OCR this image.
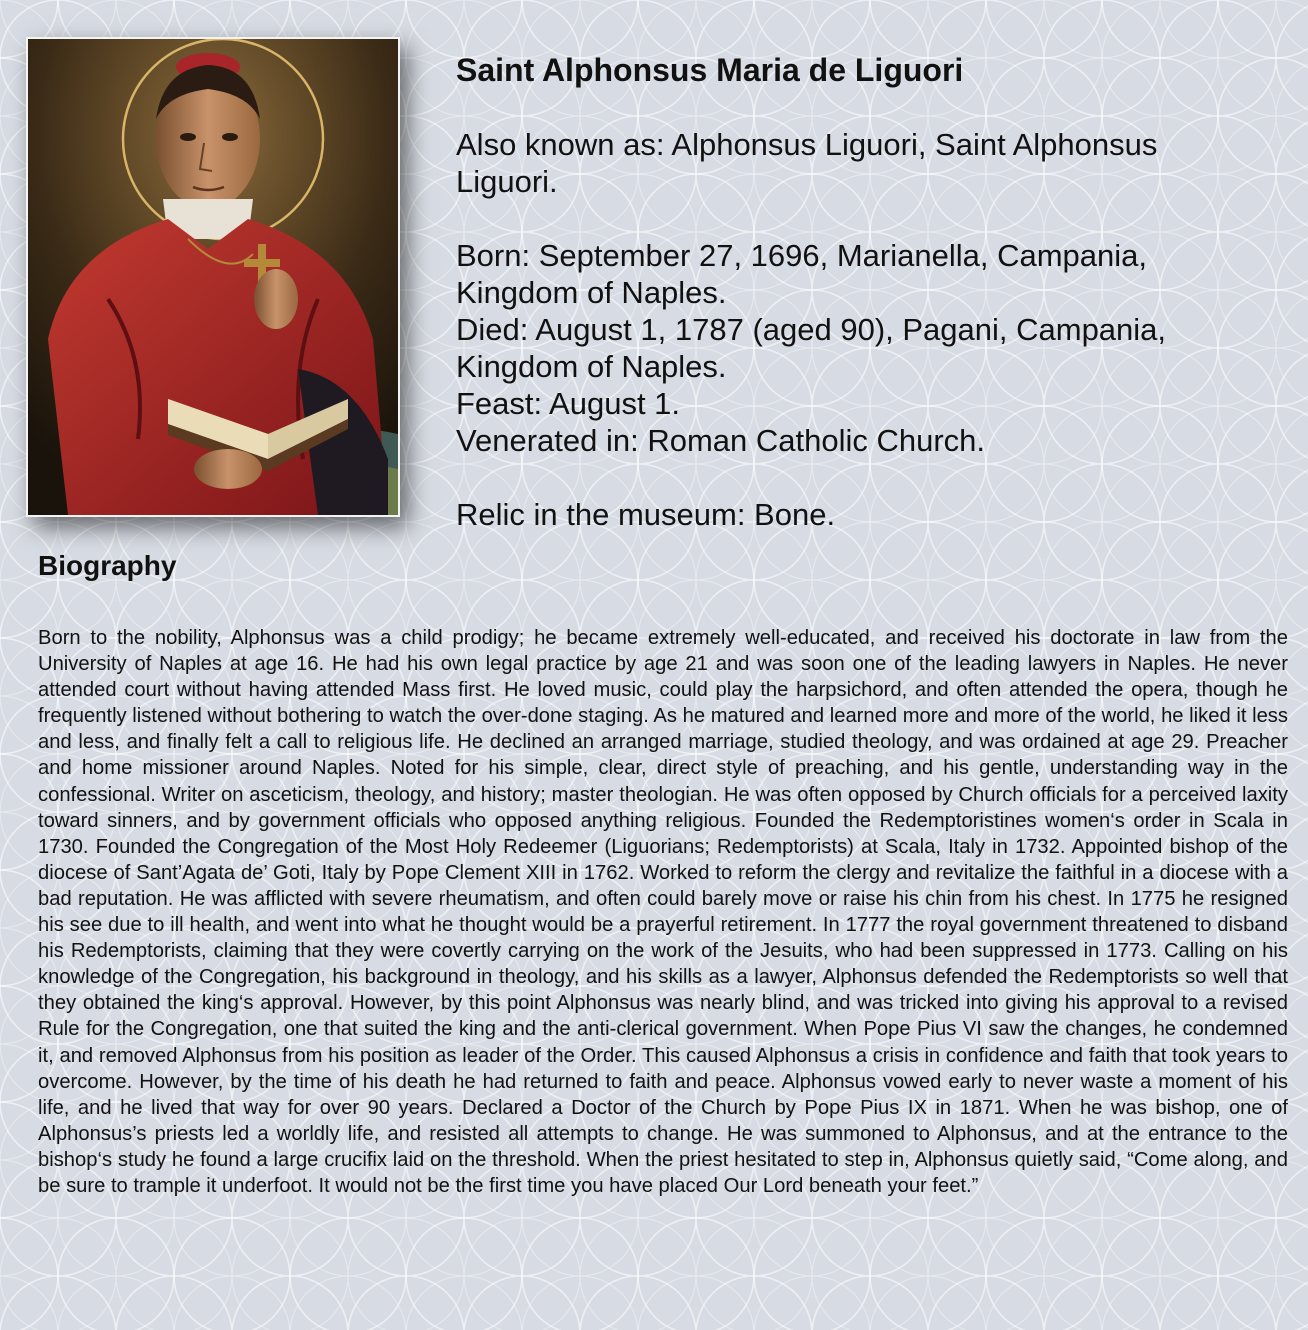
Saint Alphonsus Maria de Liguori

Also known as: Alphonsus Liguori, Saint Alphonsus Liguori.

Born: September 27, 1696, Marianella, Campania, Kingdom of Naples.

Died: August 1, 1787 (aged 90), Pagani, Campania, Kingdom of Naples.

Feast: August 1.

Venerated in: Roman Catholic Church.

Relic in the museum: Bone.

Biography

Born to the nobility, Alphonsus was a child prodigy; he became extremely well-educated, and received his doctorate in law from the University of Naples at age 16. He had his own legal practice by age 21 and was soon one of the leading lawyers in Naples. He never attended court without having attended Mass first. He loved music, could play the harpsichord, and often attended the opera, though he frequently listened without bothering to watch the over-done staging. As he matured and learned more and more of the world, he liked it less and less, and finally felt a call to religious life. He declined an arranged marriage, studied theology, and was ordained at age 29. Preacher and home missioner around Naples. Noted for his simple, clear, direct style of preaching, and his gentle, understanding way in the confessional. Writer on asceticism, theology, and history; master theologian. He was often opposed by Church officials for a perceived laxity toward sinners, and by government officials who opposed anything religious. Founded the Redemptoristines women‘s order in Scala in 1730. Founded the Congregation of the Most Holy Redeemer (Liguorians; Redemptorists) at Scala, Italy in 1732. Appointed bishop of the diocese of Sant’Agata de’ Goti, Italy by Pope Clement XIII in 1762. Worked to reform the clergy and revitalize the faithful in a diocese with a bad reputation. He was afflicted with severe rheumatism, and often could barely move or raise his chin from his chest. In 1775 he resigned his see due to ill health, and went into what he thought would be a prayerful retirement. In 1777 the royal government threatened to disband his Redemptorists, claiming that they were covertly carrying on the work of the Jesuits, who had been suppressed in 1773. Calling on his knowledge of the Congregation, his background in theology, and his skills as a lawyer, Alphonsus defended the Redemptorists so well that they obtained the king‘s approval. However, by this point Alphonsus was nearly blind, and was tricked into giving his approval to a revised Rule for the Congregation, one that suited the king and the anti-clerical government. When Pope Pius VI saw the changes, he condemned it, and removed Alphonsus from his position as leader of the Order. This caused Alphonsus a crisis in confidence and faith that took years to overcome. However, by the time of his death he had returned to faith and peace. Alphonsus vowed early to never waste a moment of his life, and he lived that way for over 90 years. Declared a Doctor of the Church by Pope Pius IX in 1871. When he was bishop, one of Alphonsus’s priests led a worldly life, and resisted all attempts to change. He was summoned to Alphonsus, and at the entrance to the bishop‘s study he found a large crucifix laid on the threshold. When the priest hesitated to step in, Alphonsus quietly said, “Come along, and be sure to trample it underfoot. It would not be the first time you have placed Our Lord beneath your feet.”
